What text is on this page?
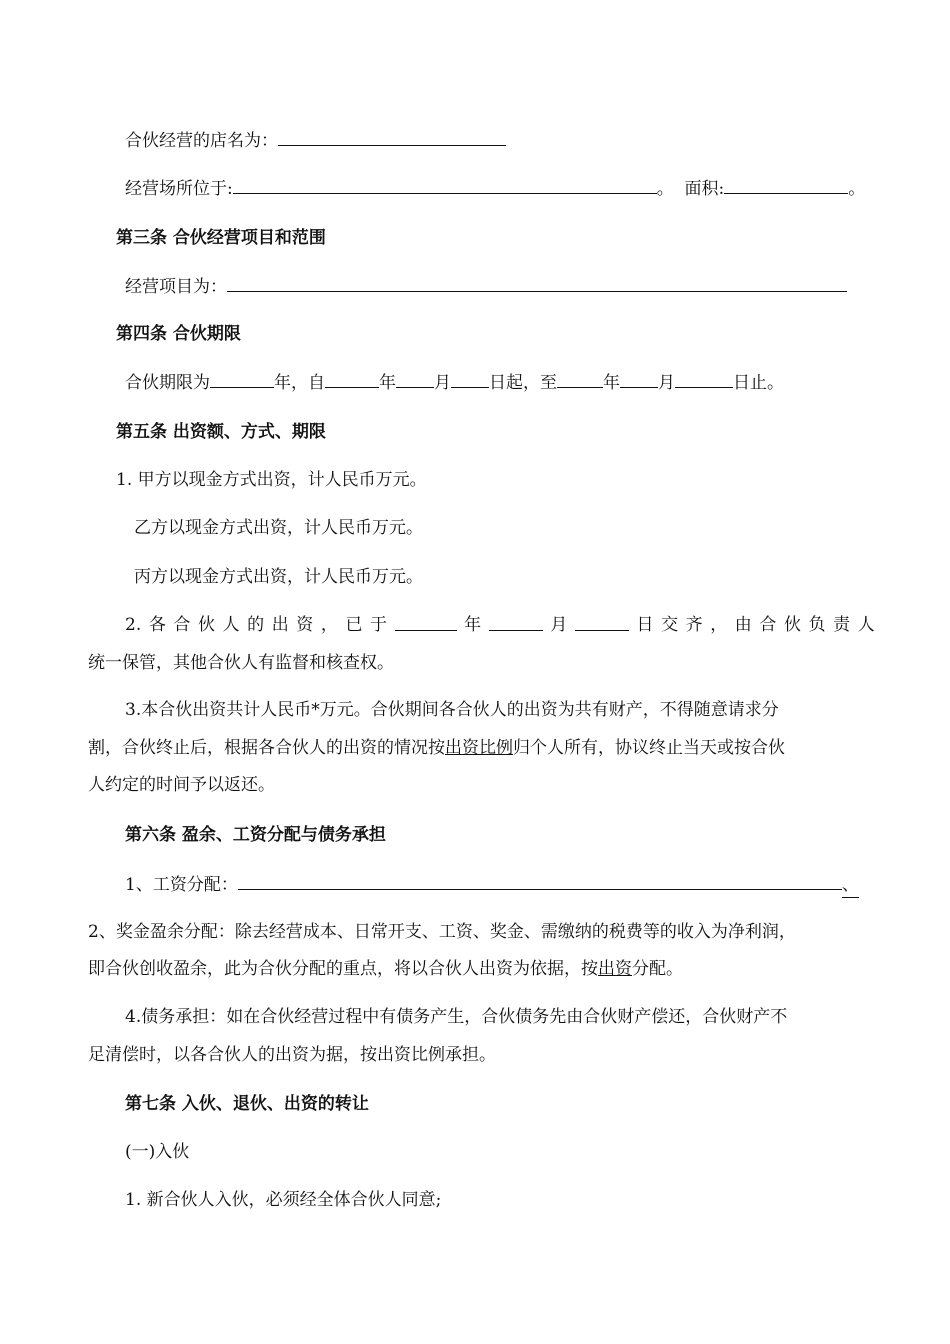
合伙经营的店名为：
经营场所位于:	。 面积:	。
第三条 合伙经营项目和范围
经营项目为：
第四条 合伙期限
合伙期限为	年，自	年 月 日起，至	年 月	日止。
第五条 出资额、方式、期限
1. 甲方以现金方式出资，计人民币万元。
乙方以现金方式出资，计人民币万元。
丙方以现金方式出资，计人民币万元。
2. 各 合 伙 人 的 出 资 ， 已 于	年	月	日 交 齐 ， 由 合 伙 负 责 人
统一保管，其他合伙人有监督和核查权。
3.本合伙出资共计人民币*万元。合伙期间各合伙人的出资为共有财产，不得随意请求分
割，合伙终止后，根据各合伙人的出资的情况按出资比例归个人所有，协议终止当天或按合伙
人约定的时间予以返还。
第六条 盈余、工资分配与债务承担
1、工资分配：	、
2、奖金盈余分配：除去经营成本、日常开支、工资、奖金、需缴纳的税费等的收入为净利润，
即合伙创收盈余，此为合伙分配的重点，将以合伙人出资为依据，按出资分配。
4.债务承担：如在合伙经营过程中有债务产生，合伙债务先由合伙财产偿还，合伙财产不
足清偿时，以各合伙人的出资为据，按出资比例承担。
第七条 入伙、退伙、出资的转让
(一)入伙
1. 新合伙人入伙，必须经全体合伙人同意;
